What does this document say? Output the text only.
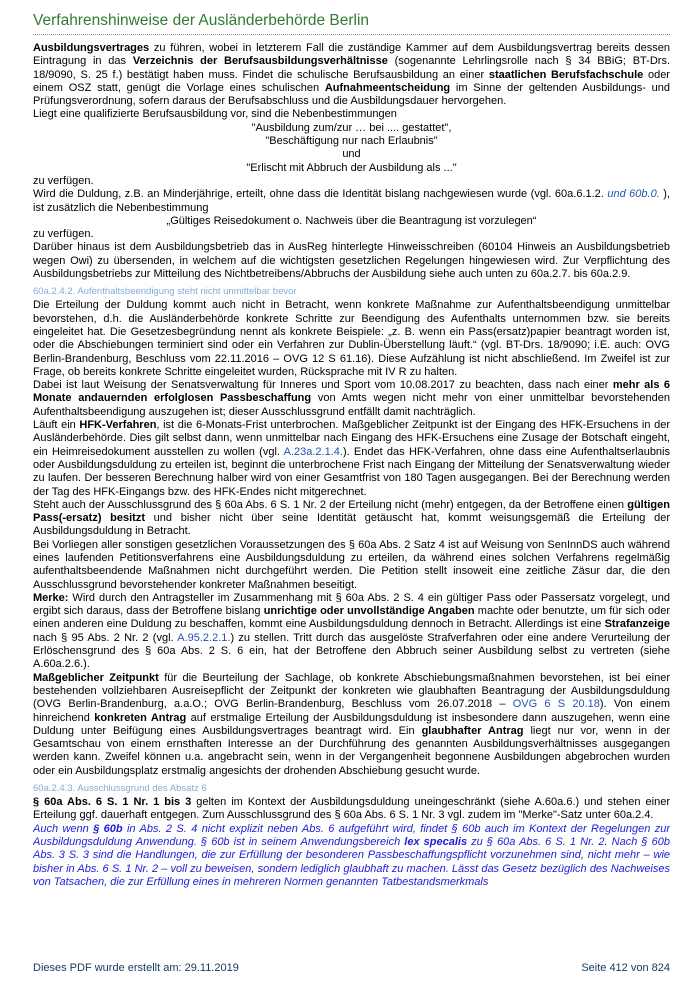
Verfahrenshinweise der Ausländerbehörde Berlin
Ausbildungsvertrages zu führen, wobei in letzterem Fall die zuständige Kammer auf dem Ausbildungsvertrag bereits dessen Eintragung in das Verzeichnis der Berufsausbildungsverhältnisse (sogenannte Lehrlingsrolle nach § 34 BBiG; BT-Drs. 18/9090, S. 25 f.) bestätigt haben muss. Findet die schulische Berufsausbildung an einer staatlichen Berufsfachschule oder einem OSZ statt, genügt die Vorlage eines schulischen Aufnahmeentscheidung im Sinne der geltenden Ausbildungs- und Prüfungsverordnung, sofern daraus der Berufsabschluss und die Ausbildungsdauer hervorgehen.
Liegt eine qualifizierte Berufsausbildung vor, sind die Nebenbestimmungen
"Ausbildung zum/zur … bei .... gestattet",
"Beschäftigung nur nach Erlaubnis"
und
"Erlischt mit Abbruch der Ausbildung als ..."
zu verfügen.
Wird die Duldung, z.B. an Minderjährige, erteilt, ohne dass die Identität bislang nachgewiesen wurde (vgl. 60a.6.1.2. und 60b.0. ), ist zusätzlich die Nebenbestimmung
„Gültiges Reisedokument o. Nachweis über die Beantragung ist vorzulegen“
zu verfügen.
Darüber hinaus ist dem Ausbildungsbetrieb das in AusReg hinterlegte Hinweisschreiben (60104 Hinweis an Ausbildungsbetrieb wegen Owi) zu übersenden, in welchem auf die wichtigsten gesetzlichen Regelungen hingewiesen wird. Zur Verpflichtung des Ausbildungsbetriebs zur Mitteilung des Nichtbetreibens/Abbruchs der Ausbildung siehe auch unten zu 60a.2.7. bis 60a.2.9.
60a.2.4.2. Aufenthaltsbeendigung steht nicht unmittelbar bevor
Die Erteilung der Duldung kommt auch nicht in Betracht, wenn konkrete Maßnahme zur Aufenthaltsbeendigung unmittelbar bevorstehen, d.h. die Ausländerbehörde konkrete Schritte zur Beendigung des Aufenthalts unternommen bzw. sie bereits eingeleitet hat. Die Gesetzesbegründung nennt als konkrete Beispiele: „z. B. wenn ein Pass(ersatz)papier beantragt worden ist, oder die Abschiebungen terminiert sind oder ein Verfahren zur Dublin-Überstellung läuft.“ (vgl. BT-Drs. 18/9090; i.E. auch: OVG Berlin-Brandenburg, Beschluss vom 22.11.2016 – OVG 12 S 61.16). Diese Aufzählung ist nicht abschließend. Im Zweifel ist zur Frage, ob bereits konkrete Schritte eingeleitet wurden, Rücksprache mit IV R zu halten.
Dabei ist laut Weisung der Senatsverwaltung für Inneres und Sport vom 10.08.2017 zu beachten, dass nach einer mehr als 6 Monate andauernden erfolglosen Passbeschaffung von Amts wegen nicht mehr von einer unmittelbar bevorstehenden Aufenthaltsbeendigung auszugehen ist; dieser Ausschlussgrund entfällt damit nachträglich.
Läuft ein HFK-Verfahren, ist die 6-Monats-Frist unterbrochen. Maßgeblicher Zeitpunkt ist der Eingang des HFK-Ersuchens in der Ausländerbehörde. Dies gilt selbst dann, wenn unmittelbar nach Eingang des HFK-Ersuchens eine Zusage der Botschaft eingeht, ein Heimreisedokument ausstellen zu wollen (vgl. A.23a.2.1.4.). Endet das HFK-Verfahren, ohne dass eine Aufenthaltserlaubnis oder Ausbildungsduldung zu erteilen ist, beginnt die unterbrochene Frist nach Eingang der Mitteilung der Senatsverwaltung wieder zu laufen. Der besseren Berechnung halber wird von einer Gesamtfrist von 180 Tagen ausgegangen. Bei der Berechnung werden der Tag des HFK-Eingangs bzw. des HFK-Endes nicht mitgerechnet.
Steht auch der Ausschlussgrund des § 60a Abs. 6 S. 1 Nr. 2 der Erteilung nicht (mehr) entgegen, da der Betroffene einen gültigen Pass(-ersatz) besitzt und bisher nicht über seine Identität getäuscht hat, kommt weisungsgemäß die Erteilung der Ausbildungsduldung in Betracht.
Bei Vorliegen aller sonstigen gesetzlichen Voraussetzungen des § 60a Abs. 2 Satz 4 ist auf Weisung von SenInnDS auch während eines laufenden Petitionsverfahrens eine Ausbildungsduldung zu erteilen, da während eines solchen Verfahrens regelmäßig aufenthaltsbeendende Maßnahmen nicht durchgeführt werden. Die Petition stellt insoweit eine zeitliche Zäsur dar, die den Ausschlussgrund bevorstehender konkreter Maßnahmen beseitigt.
Merke: Wird durch den Antragsteller im Zusammenhang mit § 60a Abs. 2 S. 4 ein gültiger Pass oder Passersatz vorgelegt, und ergibt sich daraus, dass der Betroffene bislang unrichtige oder unvollständige Angaben machte oder benutzte, um für sich oder einen anderen eine Duldung zu beschaffen, kommt eine Ausbildungsduldung dennoch in Betracht. Allerdings ist eine Strafanzeige nach § 95 Abs. 2 Nr. 2 (vgl. A.95.2.2.1.) zu stellen. Tritt durch das ausgelöste Strafverfahren oder eine andere Verurteilung der Erlöschensgrund des § 60a Abs. 2 S. 6 ein, hat der Betroffene den Abbruch seiner Ausbildung selbst zu vertreten (siehe A.60a.2.6.).
Maßgeblicher Zeitpunkt für die Beurteilung der Sachlage, ob konkrete Abschiebungsmaßnahmen bevorstehen, ist bei einer bestehenden vollziehbaren Ausreisepflicht der Zeitpunkt der konkreten wie glaubhaften Beantragung der Ausbildungsduldung (OVG Berlin-Brandenburg, a.a.O.; OVG Berlin-Brandenburg, Beschluss vom 26.07.2018 – OVG 6 S 20.18). Von einem hinreichend konkreten Antrag auf erstmalige Erteilung der Ausbildungsduldung ist insbesondere dann auszugehen, wenn eine Duldung unter Beifügung eines Ausbildungsvertrages beantragt wird. Ein glaubhafter Antrag liegt nur vor, wenn in der Gesamtschau von einem ernsthaften Interesse an der Durchführung des genannten Ausbildungsverhältnisses ausgegangen werden kann. Zweifel können u.a. angebracht sein, wenn in der Vergangenheit begonnene Ausbildungen abgebrochen wurden oder ein Ausbildungsplatz erstmalig angesichts der drohenden Abschiebung gesucht wurde.
60a.2.4.3. Ausschlussgrund des Absatz 6
§ 60a Abs. 6 S. 1 Nr. 1 bis 3 gelten im Kontext der Ausbildungsduldung uneingeschränkt (siehe A.60a.6.) und stehen einer Erteilung ggf. dauerhaft entgegen. Zum Ausschlussgrund des § 60a Abs. 6 S. 1 Nr. 3 vgl. zudem im "Merke"-Satz unter 60a.2.4.
Auch wenn § 60b in Abs. 2 S. 4 nicht explizit neben Abs. 6 aufgeführt wird, findet § 60b auch im Kontext der Regelungen zur Ausbildungsduldung Anwendung. § 60b ist in seinem Anwendungsbereich lex specalis zu § 60a Abs. 6 S. 1 Nr. 2. Nach § 60b Abs. 3 S. 3 sind die Handlungen, die zur Erfüllung der besonderen Passbeschaffungspflicht vorzunehmen sind, nicht mehr – wie bisher in Abs. 6 S. 1 Nr. 2 – voll zu beweisen, sondern lediglich glaubhaft zu machen. Lässt das Gesetz bezüglich des Nachweises von Tatsachen, die zur Erfüllung eines in mehreren Normen genannten Tatbestandsmerkmals
Dieses PDF wurde erstellt am: 29.11.2019	Seite 412 von 824
